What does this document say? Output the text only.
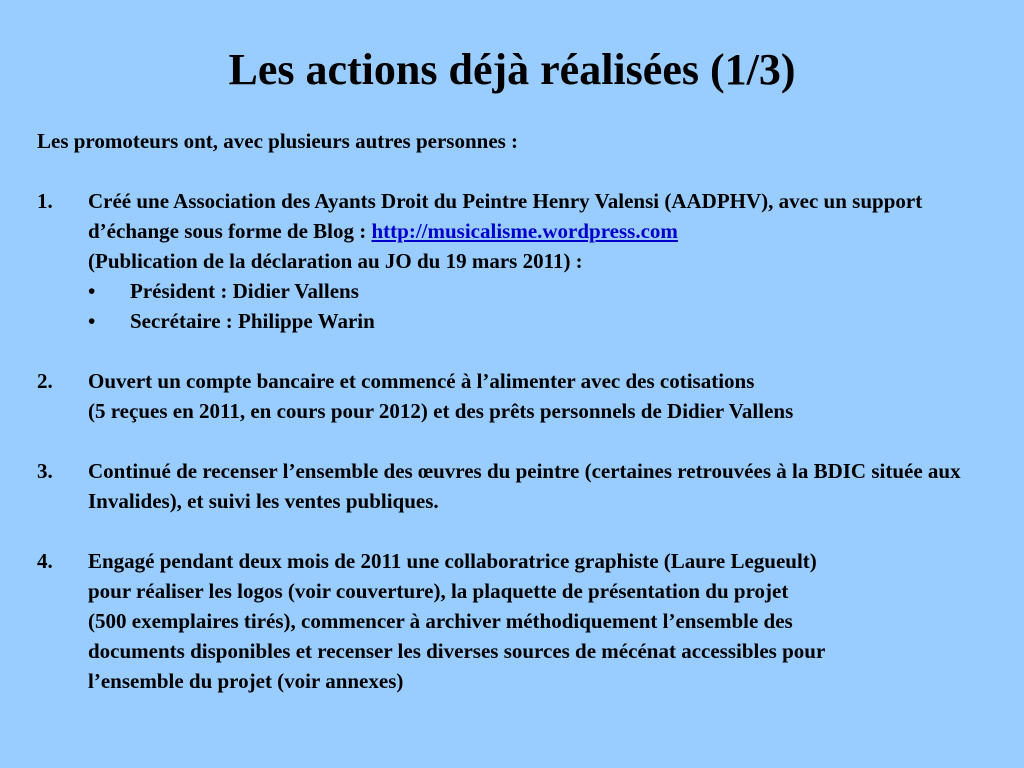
Les actions déjà réalisées (1/3)
Les promoteurs ont, avec plusieurs autres personnes :
1. Créé une Association des Ayants Droit du Peintre Henry Valensi (AADPHV), avec un support d’échange sous forme de Blog : http://musicalisme.wordpress.com
(Publication de la déclaration au JO du 19 mars 2011) :
• Président : Didier Vallens
• Secrétaire : Philippe Warin
2. Ouvert un compte bancaire et commencé à l’alimenter avec des cotisations
(5 reçues en 2011, en cours pour 2012) et des prêts personnels de Didier Vallens
3. Continué de recenser l’ensemble des œuvres du peintre (certaines retrouvées à la BDIC située aux Invalides), et suivi les ventes publiques.
4. Engagé pendant deux mois de 2011 une collaboratrice graphiste (Laure Legueult)
pour réaliser les logos (voir couverture), la plaquette de présentation du projet
(500 exemplaires tirés), commencer à archiver méthodiquement l’ensemble des
documents disponibles et recenser les diverses sources de mécénat accessibles pour
l’ensemble du projet (voir annexes)
